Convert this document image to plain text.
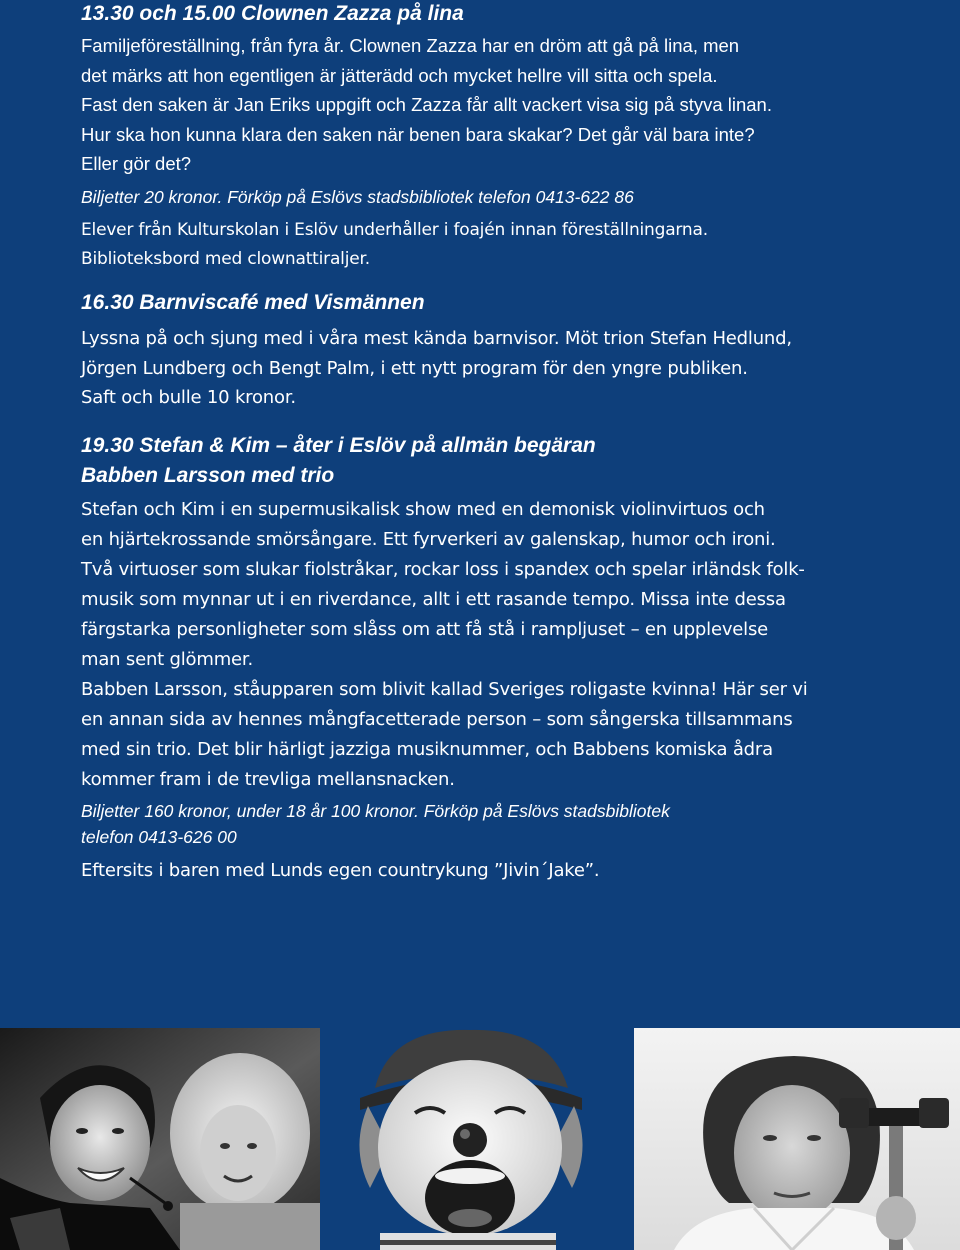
13.30 och 15.00 Clownen Zazza på lina

Familjeföreställning, från fyra år. Clownen Zazza har en dröm att gå på lina, men
det märks att hon egentligen är jätterädd och mycket hellre vill sitta och spela.
Fast den saken är Jan Eriks uppgift och Zazza får allt vackert visa sig på styva linan.
Hur ska hon kunna klara den saken när benen bara skakar? Det går väl bara inte?
Eller gör det?

Biljetter 20 kronor. Förköp på Eslövs stadsbibliotek telefon 0413-622 86

Elever från Kulturskolan i Eslöv underhåller i foajén innan föreställningarna.
Biblioteksbord med clownattiraljer.

16.30 Barnviscafé med Vismännen

Lyssna på och sjung med i våra mest kända barnvisor. Möt trion Stefan Hedlund,
Jörgen Lundberg och Bengt Palm, i ett nytt program för den yngre publiken.
Saft och bulle 10 kronor.

19.30 Stefan & Kim – åter i Eslöv på allmän begäran

Babben Larsson med trio

Stefan och Kim i en supermusikalisk show med en demonisk violinvirtuos och
en hjärtekrossande smörsångare. Ett fyrverkeri av galenskap, humor och ironi.
Två virtuoser som slukar fiolstråkar, rockar loss i spandex och spelar irländsk folk-
musik som mynnar ut i en riverdance, allt i ett rasande tempo. Missa inte dessa
färgstarka personligheter som slåss om att få stå i rampljuset – en upplevelse
man sent glömmer.
Babben Larsson, ståupparen som blivit kallad Sveriges roligaste kvinna! Här ser vi
en annan sida av hennes mångfacetterade person – som sångerska tillsammans
med sin trio. Det blir härligt jazziga musiknummer, och Babbens komiska ådra
kommer fram i de trevliga mellansnacken.
Biljetter 160 kronor, under 18 år 100 kronor. Förköp på Eslövs stadsbibliotek
telefon 0413-626 00

Eftersits i baren med Lunds egen countrykung ”Jivin´Jake”.
